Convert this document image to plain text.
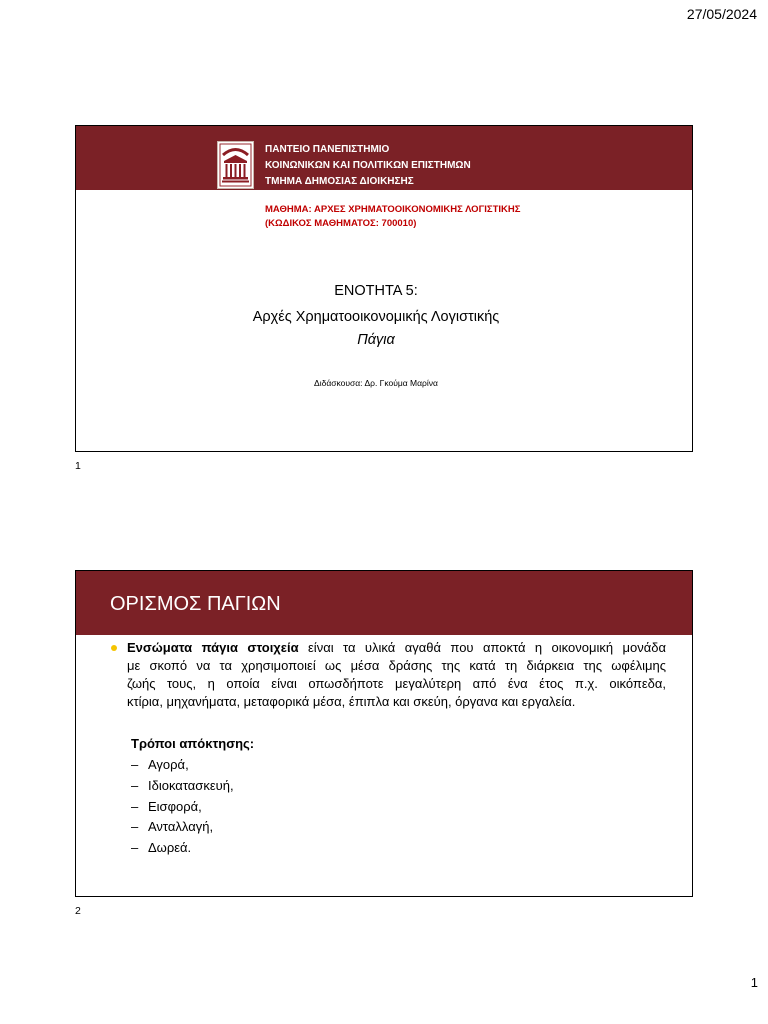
27/05/2024
ΠΑΝΤΕΙΟ ΠΑΝΕΠΙΣΤΗΜΙΟ
ΚΟΙΝΩΝΙΚΩΝ ΚΑΙ ΠΟΛΙΤΙΚΩΝ ΕΠΙΣΤΗΜΩΝ
ΤΜΗΜΑ ΔΗΜΟΣΙΑΣ ΔΙΟΙΚΗΣΗΣ
ΜΑΘΗΜΑ: ΑΡΧΕΣ ΧΡΗΜΑΤΟΟΙΚΟΝΟΜΙΚΗΣ ΛΟΓΙΣΤΙΚΗΣ
(ΚΩΔΙΚΟΣ ΜΑΘΗΜΑΤΟΣ: 700010)
ΕΝΟΤΗΤΑ 5:
Αρχές Χρηματοοικονομικής Λογιστικής
Πάγια
Διδάσκουσα: Δρ. Γκούμα Μαρίνα
1
ΟΡΙΣΜΟΣ ΠΑΓΙΩΝ
Ενσώματα πάγια στοιχεία είναι τα υλικά αγαθά που αποκτά η οικονομική μονάδα
με σκοπό να τα χρησιμοποιεί ως μέσα δράσης της κατά τη διάρκεια της ωφέλιμης
ζωής τους, η οποία είναι οπωσδήποτε μεγαλύτερη από ένα έτος π.χ. οικόπεδα,
κτίρια, μηχανήματα, μεταφορικά μέσα, έπιπλα και σκεύη, όργανα και εργαλεία.
Τρόποι απόκτησης:
– Αγορά,
– Ιδιοκατασκευή,
– Εισφορά,
– Ανταλλαγή,
– Δωρεά.
2
1
